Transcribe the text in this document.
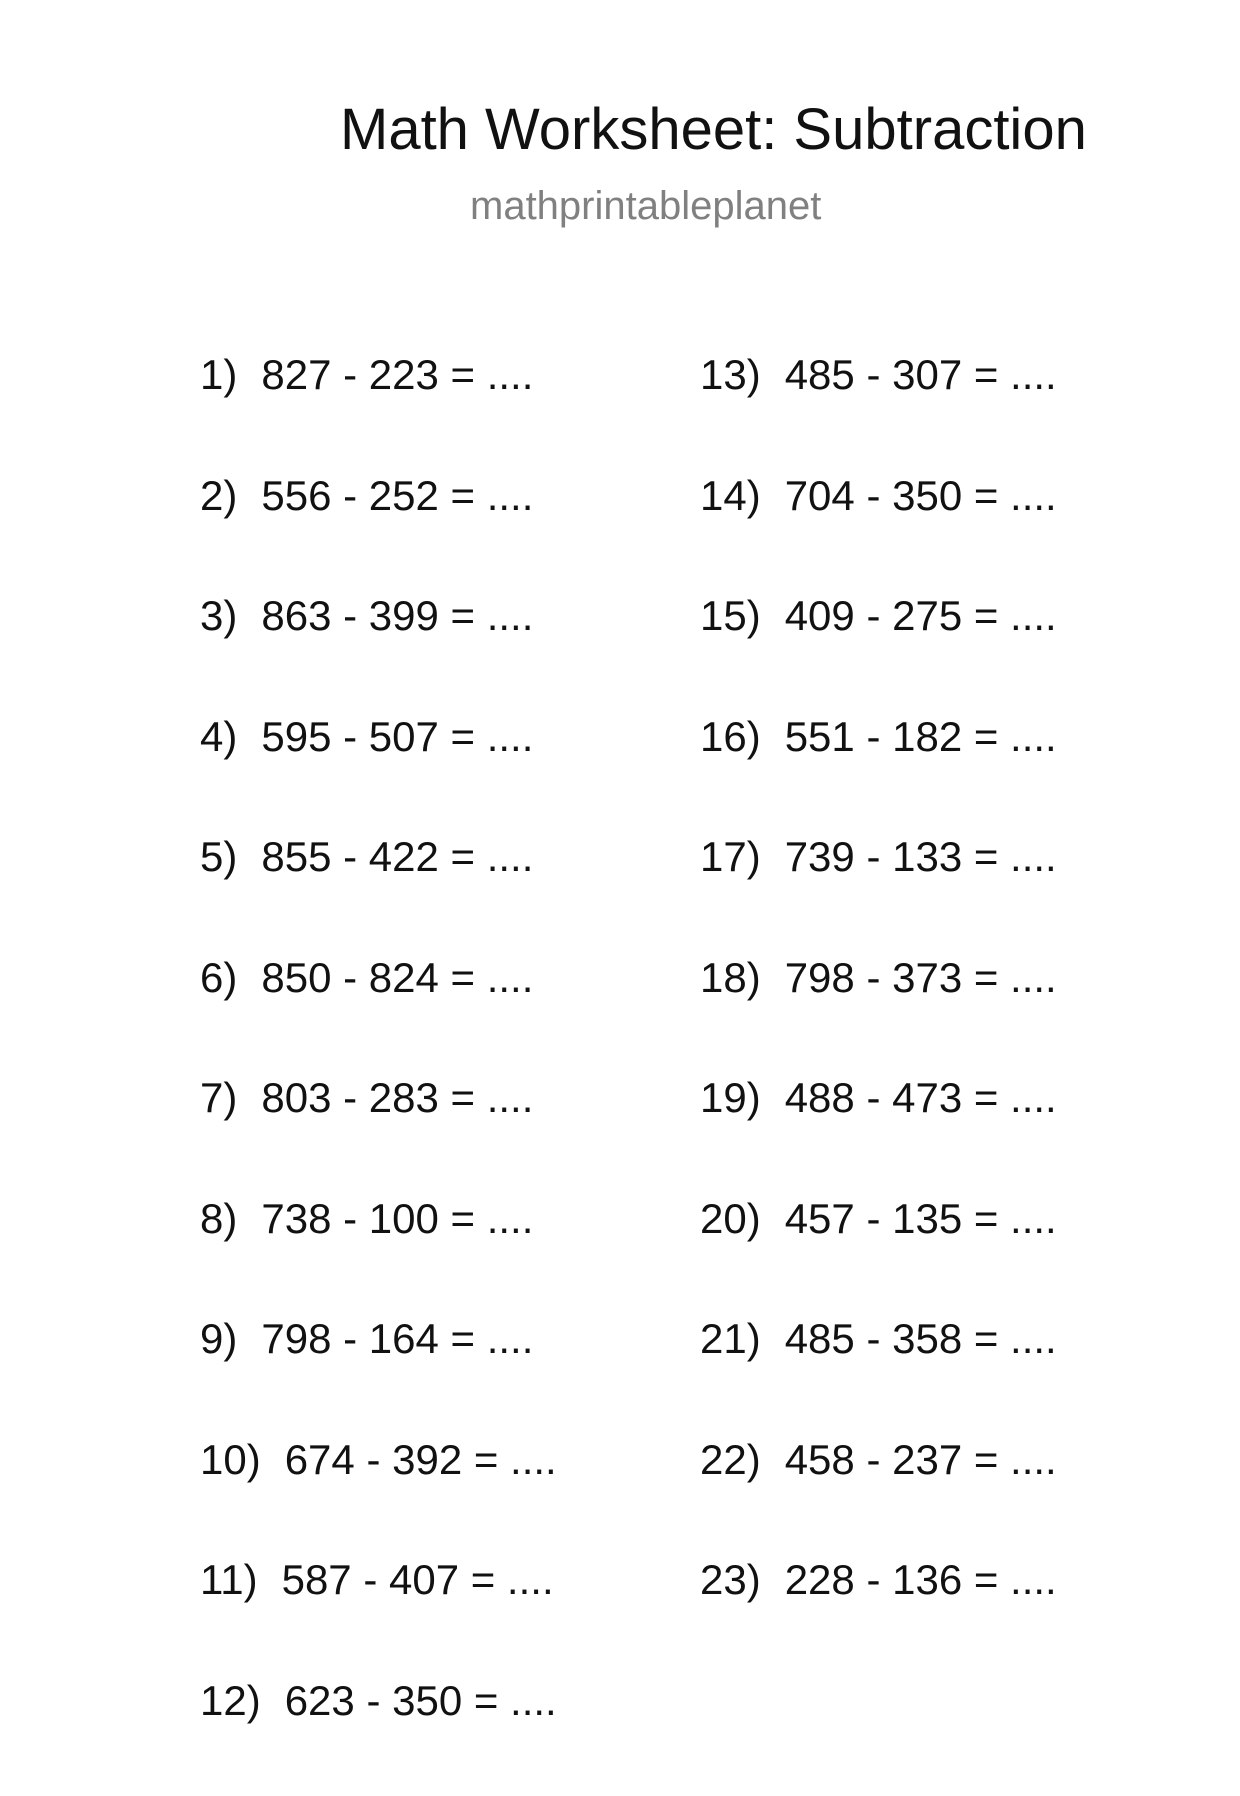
Math Worksheet: Subtraction
mathprintableplanet
1) 827 - 223 = ....
2) 556 - 252 = ....
3) 863 - 399 = ....
4) 595 - 507 = ....
5) 855 - 422 = ....
6) 850 - 824 = ....
7) 803 - 283 = ....
8) 738 - 100 = ....
9) 798 - 164 = ....
10) 674 - 392 = ....
11) 587 - 407 = ....
12) 623 - 350 = ....
13) 485 - 307 = ....
14) 704 - 350 = ....
15) 409 - 275 = ....
16) 551 - 182 = ....
17) 739 - 133 = ....
18) 798 - 373 = ....
19) 488 - 473 = ....
20) 457 - 135 = ....
21) 485 - 358 = ....
22) 458 - 237 = ....
23) 228 - 136 = ....
